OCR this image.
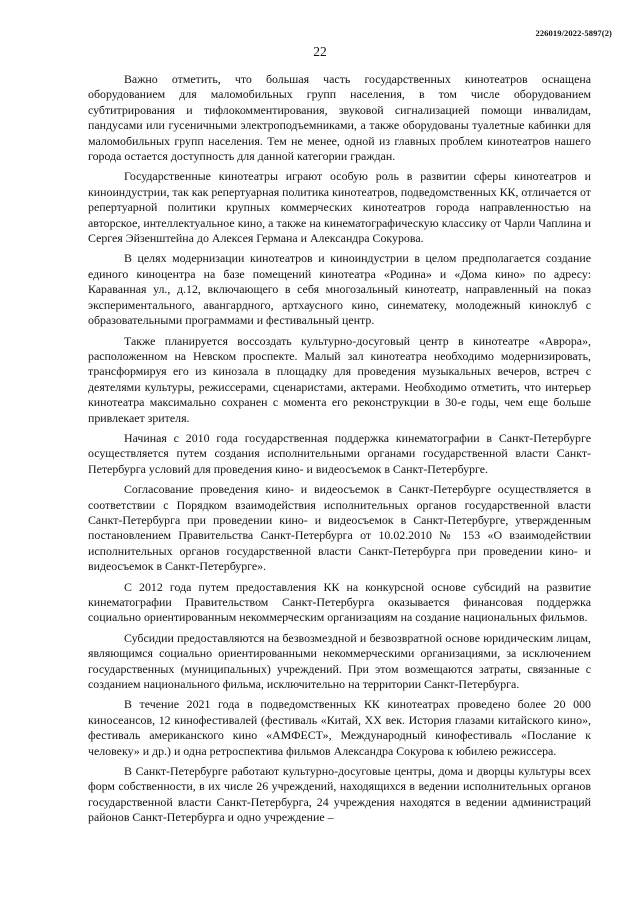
226019/2022-5897(2)
22

Важно отметить, что большая часть государственных кинотеатров оснащена оборудованием для маломобильных групп населения, в том числе оборудованием субтитрирования и тифлокомментирования, звуковой сигнализацией помощи инвалидам, пандусами или гусеничными электроподъемниками, а также оборудованы туалетные кабинки для маломобильных групп населения. Тем не менее, одной из главных проблем кинотеатров нашего города остается доступность для данной категории граждан.

Государственные кинотеатры играют особую роль в развитии сферы кинотеатров и киноиндустрии, так как репертуарная политика кинотеатров, подведомственных КК, отличается от репертуарной политики крупных коммерческих кинотеатров города направленностью на авторское, интеллектуальное кино, а также на кинематографическую классику от Чарли Чаплина и Сергея Эйзенштейна до Алексея Германа и Александра Сокурова.

В целях модернизации кинотеатров и киноиндустрии в целом предполагается создание единого киноцентра на базе помещений кинотеатра «Родина» и «Дома кино» по адресу: Караванная ул., д.12, включающего в себя многозальный кинотеатр, направленный на показ экспериментального, авангардного, артхаусного кино, синематеку, молодежный киноклуб с образовательными программами и фестивальный центр.

Также планируется воссоздать культурно-досуговый центр в кинотеатре «Аврора», расположенном на Невском проспекте. Малый зал кинотеатра необходимо модернизировать, трансформируя его из кинозала в площадку для проведения музыкальных вечеров, встреч с деятелями культуры, режиссерами, сценаристами, актерами. Необходимо отметить, что интерьер кинотеатра максимально сохранен с момента его реконструкции в 30-е годы, чем еще больше привлекает зрителя.

Начиная с 2010 года государственная поддержка кинематографии в Санкт-Петербурге осуществляется путем создания исполнительными органами государственной власти Санкт-Петербурга условий для проведения кино- и видеосъемок в Санкт-Петербурге.

Согласование проведения кино- и видеосъемок в Санкт-Петербурге осуществляется в соответствии с Порядком взаимодействия исполнительных органов государственной власти Санкт-Петербурга при проведении кино- и видеосъемок в Санкт-Петербурге, утвержденным постановлением Правительства Санкт-Петербурга от 10.02.2010 № 153 «О взаимодействии исполнительных органов государственной власти Санкт-Петербурга при проведении кино- и видеосъемок в Санкт-Петербурге».

С 2012 года путем предоставления КК на конкурсной основе субсидий на развитие кинематографии Правительством Санкт-Петербурга оказывается финансовая поддержка социально ориентированным некоммерческим организациям на создание национальных фильмов.

Субсидии предоставляются на безвозмездной и безвозвратной основе юридическим лицам, являющимся социально ориентированными некоммерческими организациями, за исключением государственных (муниципальных) учреждений. При этом возмещаются затраты, связанные с созданием национального фильма, исключительно на территории Санкт-Петербурга.

В течение 2021 года в подведомственных КК кинотеатрах проведено более 20 000 киносеансов, 12 кинофестивалей (фестиваль «Китай, XX век. История глазами китайского кино», фестиваль американского кино «АМФЕСТ», Международный кинофестиваль «Послание к человеку» и др.) и одна ретроспектива фильмов Александра Сокурова к юбилею режиссера.

В Санкт-Петербурге работают культурно-досуговые центры, дома и дворцы культуры всех форм собственности, в их числе 26 учреждений, находящихся в ведении исполнительных органов государственной власти Санкт-Петербурга, 24 учреждения находятся в ведении администраций районов Санкт-Петербурга и одно учреждение –
